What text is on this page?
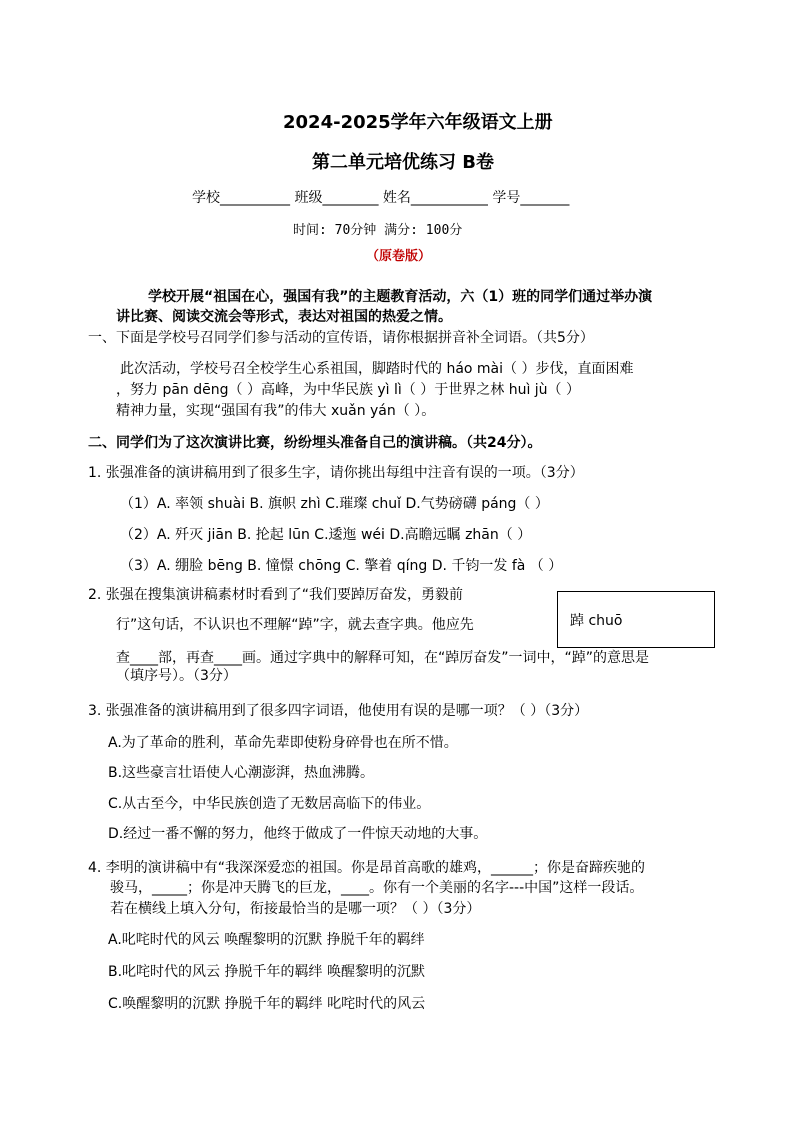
2024-2025学年六年级语文上册
第二单元培优练习 B卷
学校__________ 班级________ 姓名___________ 学号_______
时间: 70分钟 满分: 100分
（原卷版）
学校开展“祖国在心，强国有我”的主题教育活动，六（1）班的同学们通过举办演
讲比赛、阅读交流会等形式，表达对祖国的热爱之情。
一、下面是学校号召同学们参与活动的宣传语，请你根据拼音补全词语。（共5分）
此次活动，学校号召全校学生心系祖国，脚踏时代的 háo mài（ ）步伐，直面困难
，努力 pān dēng（ ）高峰，为中华民族 yì lì（ ）于世界之林 huì jù（ ）
精神力量，实现“强国有我”的伟大 xuǎn yán（ ）。
二、同学们为了这次演讲比赛，纷纷埋头准备自己的演讲稿。（共24分）。
1. 张强准备的演讲稿用到了很多生字，请你挑出每组中注音有误的一项。（3分）
（1）A. 率领 shuài B. 旗帜 zhì C.璀璨 chuǐ D.气势磅礴 páng（ ）
（2）A. 歼灭 jiān B. 抡起 lūn C.逶迤 wéi D.高瞻远瞩 zhān（ ）
（3）A. 绷脸 bēng B. 憧憬 chōng C. 擎着 qíng D. 千钧一发 fà （ ）
2. 张强在搜集演讲稿素材时看到了“我们要踔厉奋发，勇毅前
行”这句话，不认识也不理解“踔”字，就去查字典。他应先
查____部，再查____画。通过字典中的解释可知，在“踔厉奋发”一词中，“踔”的意思是
（填序号）。（3分）
踔 chuō
3. 张强准备的演讲稿用到了很多四字词语，他使用有误的是哪一项？（ ）（3分）
A.为了革命的胜利，革命先辈即使粉身碎骨也在所不惜。
B.这些豪言壮语使人心潮澎湃，热血沸腾。
C.从古至今，中华民族创造了无数居高临下的伟业。
D.经过一番不懈的努力，他终于做成了一件惊天动地的大事。
4. 李明的演讲稿中有“我深深爱恋的祖国。你是昂首高歌的雄鸡，______；你是奋蹄疾驰的
骏马，_____；你是冲天腾飞的巨龙，____。你有一个美丽的名字---中国”这样一段话。
若在横线上填入分句，衔接最恰当的是哪一项？（ ）（3分）
A.叱咤时代的风云 唤醒黎明的沉默 挣脱千年的羁绊
B.叱咤时代的风云 挣脱千年的羁绊 唤醒黎明的沉默
C.唤醒黎明的沉默 挣脱千年的羁绊 叱咤时代的风云
